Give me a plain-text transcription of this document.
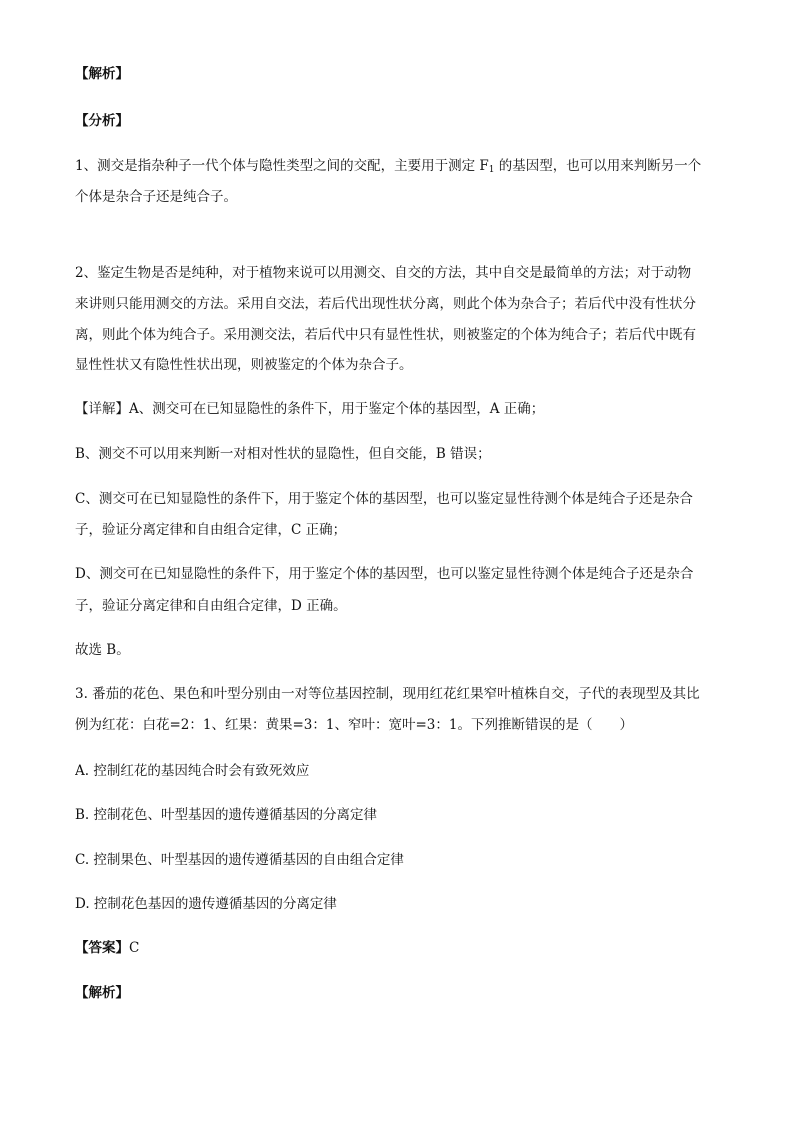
【解析】
【分析】
1、测交是指杂种子一代个体与隐性类型之间的交配，主要用于测定 $F_1$ 的基因型，也可以用来判断另一个
个体是杂合子还是纯合子。
2、鉴定生物是否是纯种，对于植物来说可以用测交、自交的方法，其中自交是最简单的方法；对于动物
来讲则只能用测交的方法。采用自交法，若后代出现性状分离，则此个体为杂合子；若后代中没有性状分
离，则此个体为纯合子。采用测交法，若后代中只有显性性状，则被鉴定的个体为纯合子；若后代中既有
显性性状又有隐性性状出现，则被鉴定的个体为杂合子。
【详解】A、测交可在已知显隐性的条件下，用于鉴定个体的基因型，A 正确；
B、测交不可以用来判断一对相对性状的显隐性，但自交能，B 错误；
C、测交可在已知显隐性的条件下，用于鉴定个体的基因型，也可以鉴定显性待测个体是纯合子还是杂合
子，验证分离定律和自由组合定律，C 正确；
D、测交可在已知显隐性的条件下，用于鉴定个体的基因型，也可以鉴定显性待测个体是纯合子还是杂合
子，验证分离定律和自由组合定律，D 正确。
故选 B。
3. 番茄的花色、果色和叶型分别由一对等位基因控制，现用红花红果窄叶植株自交，子代的表现型及其比
例为红花：白花=2：1、红果：黄果=3：1、窄叶：宽叶=3：1。下列推断错误的是（　　）
A. 控制红花的基因纯合时会有致死效应
B. 控制花色、叶型基因的遗传遵循基因的分离定律
C. 控制果色、叶型基因的遗传遵循基因的自由组合定律
D. 控制花色基因的遗传遵循基因的分离定律
【答案】C
【解析】
